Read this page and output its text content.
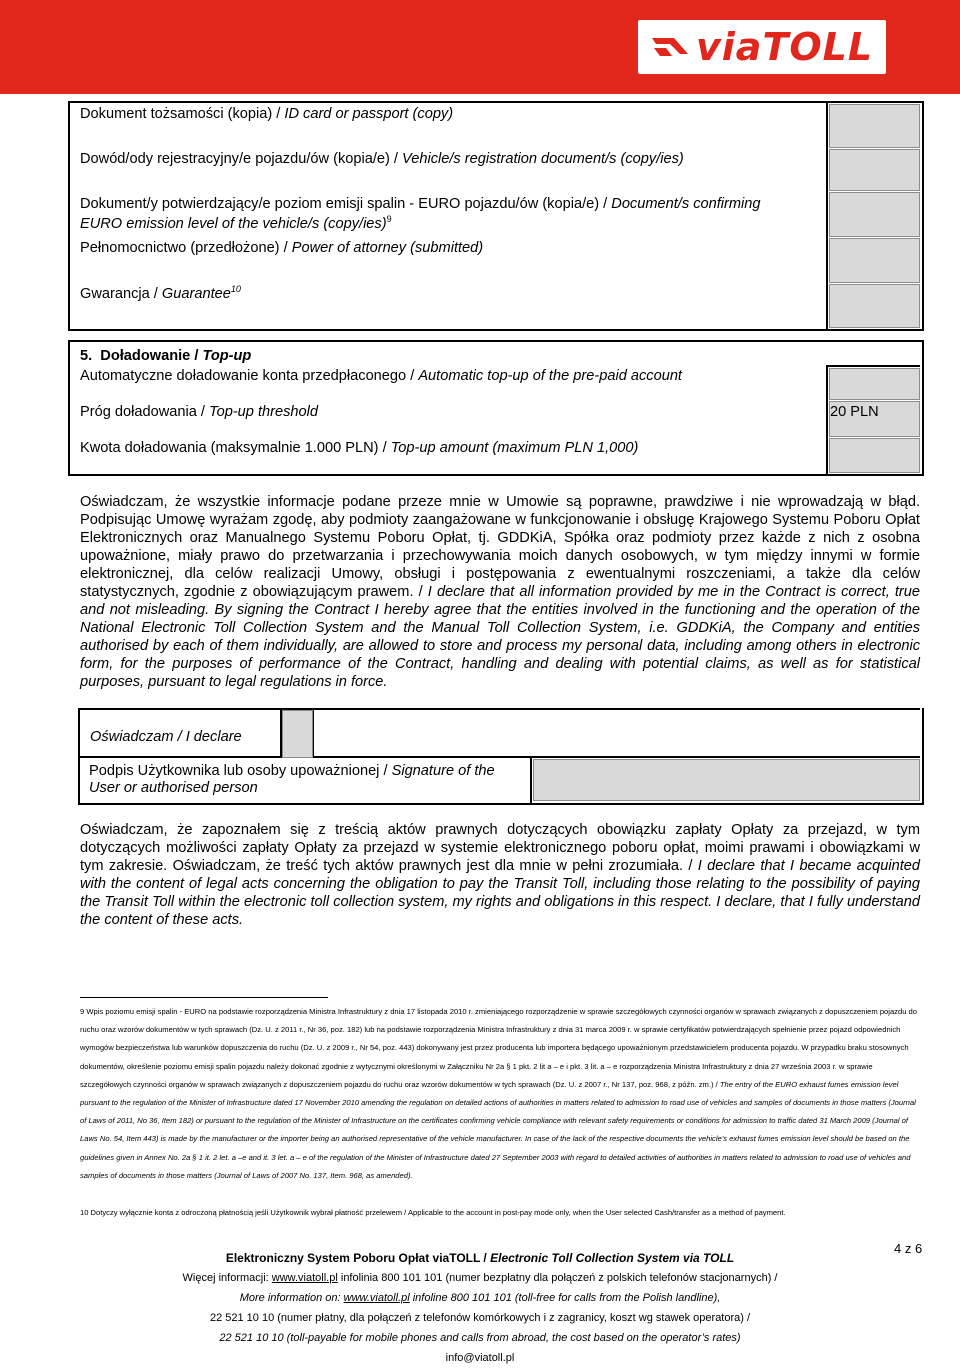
viaTOLL
Dokument tożsamości (kopia) / ID card or passport (copy)
Dowód/ody rejestracyjny/e pojazdu/ów (kopia/e) / Vehicle/s registration document/s (copy/ies)
Dokument/y potwierdzający/e poziom emisji spalin - EURO pojazdu/ów (kopia/e) / Document/s confirming
EURO emission level of the vehicle/s (copy/ies)$^9$
Pełnomocnictwo (przedłożone) / Power of attorney (submitted)
Gwarancja / Guarantee$^{10}$
5. Doładowanie / Top-up
Automatyczne doładowanie konta przedpłaconego / Automatic top-up of the pre-paid account
Próg doładowania / Top-up threshold	20 PLN
Kwota doładowania (maksymalnie 1.000 PLN) / Top-up amount (maximum PLN 1,000)
Oświadczam, że wszystkie informacje podane przeze mnie w Umowie są poprawne, prawdziwe i nie wprowadzają w błąd. Podpisując Umowę wyrażam zgodę, aby podmioty zaangażowane w funkcjonowanie i obsługę Krajowego Systemu Poboru Opłat Elektronicznych oraz Manualnego Systemu Poboru Opłat, tj. GDDKiA, Spółka oraz podmioty przez każde z nich z osobna upoważnione, miały prawo do przetwarzania i przechowywania moich danych osobowych, w tym między innymi w formie elektronicznej, dla celów realizacji Umowy, obsługi i postępowania z ewentualnymi roszczeniami, a także dla celów statystycznych, zgodnie z obowiązującym prawem. / I declare that all information provided by me in the Contract is correct, true and not misleading. By signing the Contract I hereby agree that the entities involved in the functioning and the operation of the National Electronic Toll Collection System and the Manual Toll Collection System, i.e. GDDKiA, the Company and entities authorised by each of them individually, are allowed to store and process my personal data, including among others in electronic form, for the purposes of performance of the Contract, handling and dealing with potential claims, as well as for statistical purposes, pursuant to legal regulations in force.
Oświadczam / I declare
Podpis Użytkownika lub osoby upoważnionej / Signature of the
User or authorised person
Oświadczam, że zapoznałem się z treścią aktów prawnych dotyczących obowiązku zapłaty Opłaty za przejazd, w tym dotyczących możliwości zapłaty Opłaty za przejazd w systemie elektronicznego poboru opłat, moimi prawami i obowiązkami w tym zakresie. Oświadczam, że treść tych aktów prawnych jest dla mnie w pełni zrozumiała. / I declare that I became acquinted with the content of legal acts concerning the obligation to pay the Transit Toll, including those relating to the possibility of paying the Transit Toll within the electronic toll collection system, my rights and obligations in this respect. I declare, that I fully understand the content of these acts.
9 Wpis poziomu emisji spalin - EURO na podstawie rozporządzenia Ministra Infrastruktury z dnia 17 listopada 2010 r. zmieniającego rozporządzenie w sprawie szczegółowych czynności organów w sprawach związanych z dopuszczeniem pojazdu do ruchu oraz wzorów dokumentów w tych sprawach (Dz. U. z 2011 r., Nr 36, poz. 182) lub na podstawie rozporządzenia Ministra Infrastruktury z dnia 31 marca 2009 r. w sprawie certyfikatów potwierdzających spełnienie przez pojazd odpowiednich wymogów bezpieczeństwa lub warunków dopuszczenia do ruchu (Dz. U. z 2009 r., Nr 54, poz. 443) dokonywany jest przez producenta lub importera będącego upoważnionym przedstawicielem producenta pojazdu. W przypadku braku stosownych dokumentów, określenie poziomu emisji spalin pojazdu należy dokonać zgodnie z wytycznymi określonymi w Załączniku Nr 2a § 1 pkt. 2 lit a – e i pkt. 3 lit. a – e rozporządzenia Ministra Infrastruktury z dnia 27 września 2003 r. w sprawie szczegółowych czynności organów w sprawach związanych z dopuszczeniem pojazdu do ruchu oraz wzorów dokumentów w tych sprawach (Dz. U. z 2007 r., Nr 137, poz. 968, z późn. zm.) / The entry of the EURO exhaust fumes emission level pursuant to the regulation of the Minister of Infrastructure dated 17 November 2010 amending the regulation on detailed actions of authorities in matters related to admission to road use of vehicles and samples of documents in those matters (Journal of Laws of 2011, No 36, Item 182) or pursuant to the regulation of the Minister of Infrastructure on the certificates confirming vehicle compliance with relevant safety requirements or conditions for admission to traffic dated 31 March 2009 (Journal of Laws No. 54, Item 443) is made by the manufacturer or the importer being an authorised representative of the vehicle manufacturer. In case of the lack of the respective documents the vehicle’s exhaust fumes emission level should be based on the guidelines given in Annex No. 2a § 1 it. 2 let. a –e and it. 3 let. a – e of the regulation of the Minister of Infrastructure dated 27 September 2003 with regard to detailed activities of authorities in matters related to admission to road use of vehicles and samples of documents in those matters (Journal of Laws of 2007 No. 137, Item. 968, as amended).
10 Dotyczy wyłącznie konta z odroczoną płatnością jeśli Użytkownik wybrał płatność przelewem / Applicable to the account in post-pay mode only, when the User selected Cash/transfer as a method of payment.
4 z 6
Elektroniczny System Poboru Opłat viaTOLL / Electronic Toll Collection System via TOLL
Więcej informacji: www.viatoll.pl infolinia 800 101 101 (numer bezpłatny dla połączeń z polskich telefonów stacjonarnych) /
More information on: www.viatoll.pl infoline 800 101 101 (toll-free for calls from the Polish landline),
22 521 10 10 (numer płatny, dla połączeń z telefonów komórkowych i z zagranicy, koszt wg stawek operatora) /
22 521 10 10 (toll-payable for mobile phones and calls from abroad, the cost based on the operator’s rates)
info@viatoll.pl
